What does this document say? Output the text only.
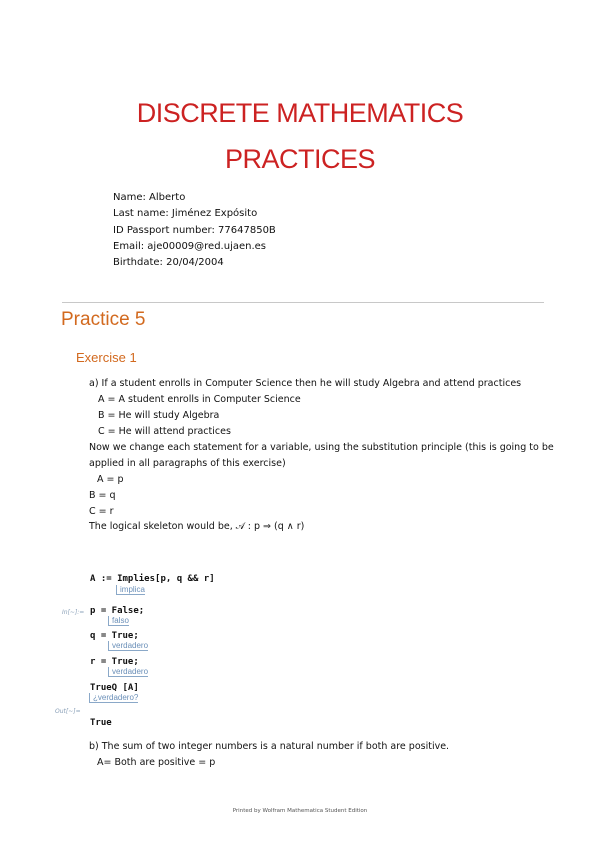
DISCRETE MATHEMATICS
PRACTICES
Name: Alberto
Last name: Jiménez Expósito
ID Passport number: 77647850B
Email: aje00009@red.ujaen.es
Birthdate: 20/04/2004
Practice 5
Exercise 1
a) If a student enrolls in Computer Science then he will study Algebra and attend practices
A = A student enrolls in Computer Science
B = He will study Algebra
C = He will attend practices
Now we change each statement for a variable, using the substitution principle (this is going to be
applied in all paragraphs of this exercise)
A = p
B = q
C = r
The logical skeleton would be, 𝒜 : p ⇒ (q ∧ r)
A := Implies[p, q && r]
implica
In[~]:= p = False;
falso
q = True;
verdadero
r = True;
verdadero
TrueQ [A]
¿verdadero?
Out[~]=
True
b) The sum of two integer numbers is a natural number if both are positive.
A= Both are positive = p
Printed by Wolfram Mathematica Student Edition
